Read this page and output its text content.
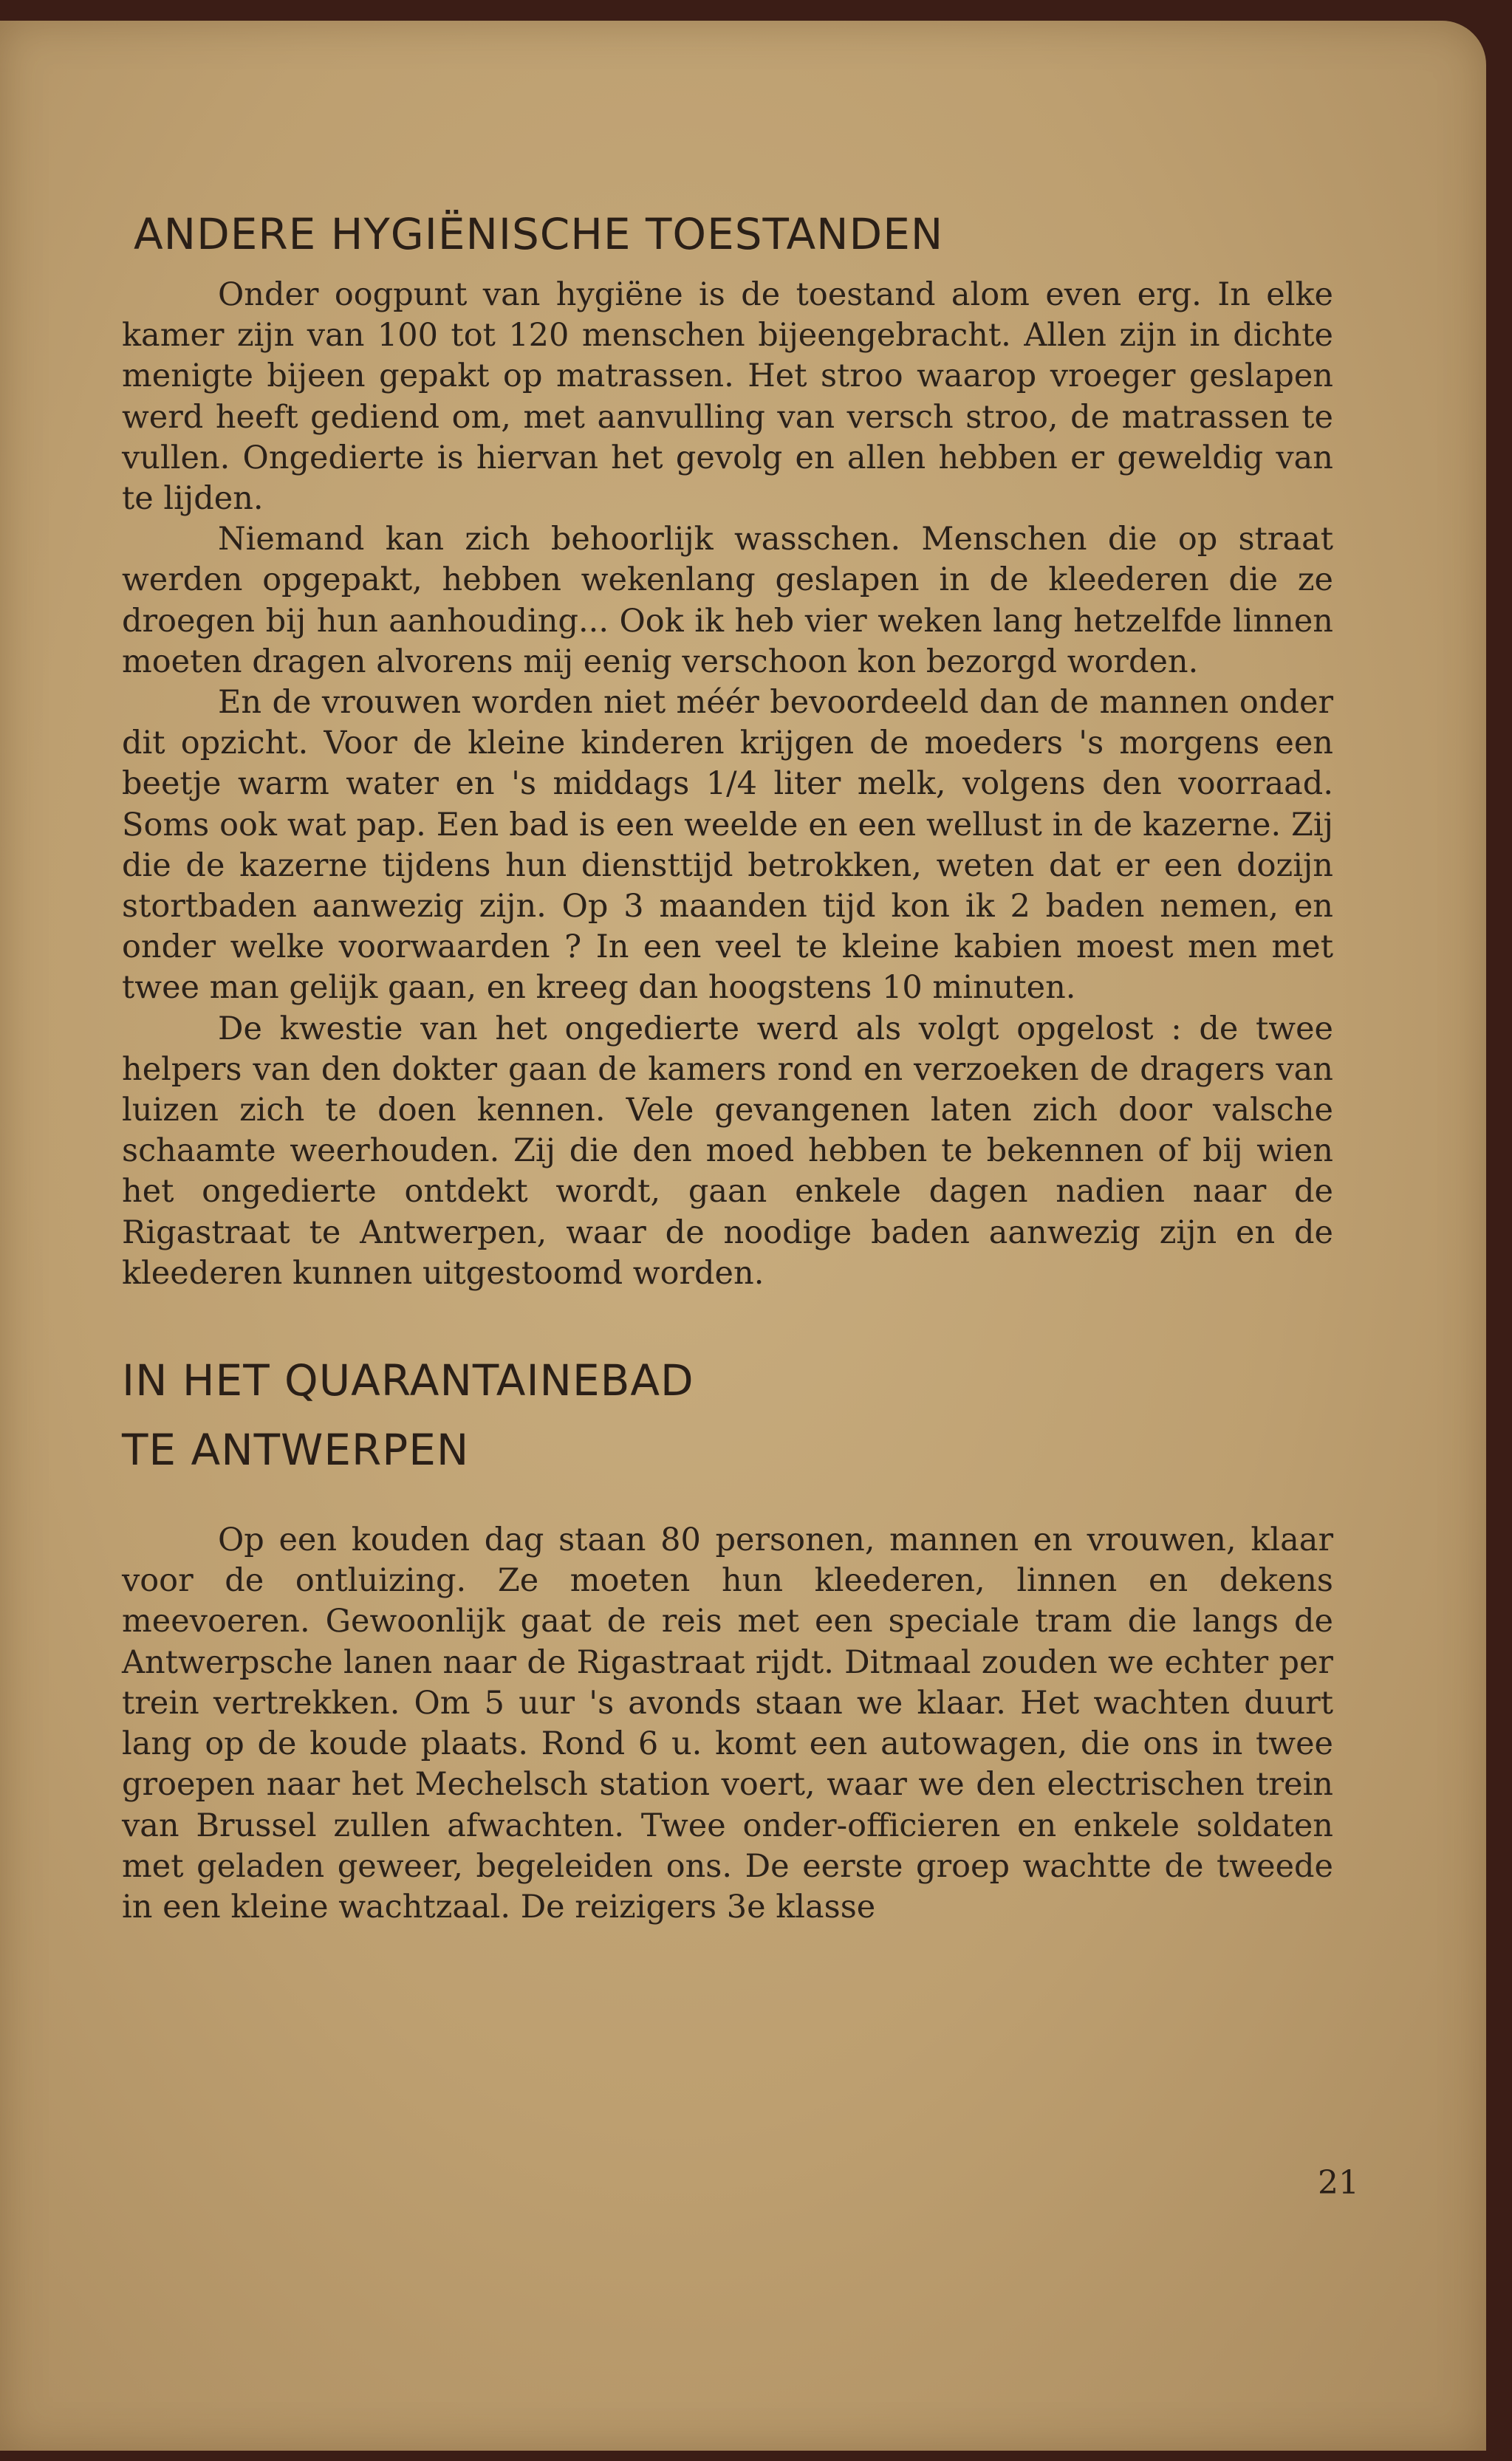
ANDERE HYGIËNISCHE TOESTANDEN

Onder oogpunt van hygiëne is de toestand alom even erg. In elke kamer zijn van 100 tot 120 menschen bijeengebracht. Allen zijn in dichte menigte bijeen gepakt op matrassen. Het stroo waarop vroeger geslapen werd heeft gediend om, met aanvulling van versch stroo, de matrassen te vullen. Ongedierte is hiervan het gevolg en allen hebben er geweldig van te lijden.

Niemand kan zich behoorlijk wasschen. Menschen die op straat werden opgepakt, hebben wekenlang geslapen in de kleederen die ze droegen bij hun aanhouding... Ook ik heb vier weken lang hetzelfde linnen moeten dragen alvorens mij eenig verschoon kon bezorgd worden.

En de vrouwen worden niet méér bevoordeeld dan de mannen onder dit opzicht. Voor de kleine kinderen krijgen de moeders 's morgens een beetje warm water en 's middags 1/4 liter melk, volgens den voorraad. Soms ook wat pap. Een bad is een weelde en een wellust in de kazerne. Zij die de kazerne tijdens hun diensttijd betrokken, weten dat er een dozijn stortbaden aanwezig zijn. Op 3 maanden tijd kon ik 2 baden nemen, en onder welke voorwaarden ? In een veel te kleine kabien moest men met twee man gelijk gaan, en kreeg dan hoogstens 10 minuten.

De kwestie van het ongedierte werd als volgt opgelost : de twee helpers van den dokter gaan de kamers rond en verzoeken de dragers van luizen zich te doen kennen. Vele gevangenen laten zich door valsche schaamte weerhouden. Zij die den moed hebben te bekennen of bij wien het ongedierte ontdekt wordt, gaan enkele dagen nadien naar de Rigastraat te Antwerpen, waar de noodige baden aanwezig zijn en de kleederen kunnen uitgestoomd worden.

IN HET QUARANTAINEBAD
TE ANTWERPEN

Op een kouden dag staan 80 personen, mannen en vrouwen, klaar voor de ontluizing. Ze moeten hun kleederen, linnen en dekens meevoeren. Gewoonlijk gaat de reis met een speciale tram die langs de Antwerpsche lanen naar de Rigastraat rijdt. Ditmaal zouden we echter per trein vertrekken. Om 5 uur 's avonds staan we klaar. Het wachten duurt lang op de koude plaats. Rond 6 u. komt een autowagen, die ons in twee groepen naar het Mechelsch station voert, waar we den electrischen trein van Brussel zullen afwachten. Twee onder-officieren en enkele soldaten met geladen geweer, begeleiden ons. De eerste groep wachtte de tweede in een kleine wachtzaal. De reizigers 3e klasse

21
